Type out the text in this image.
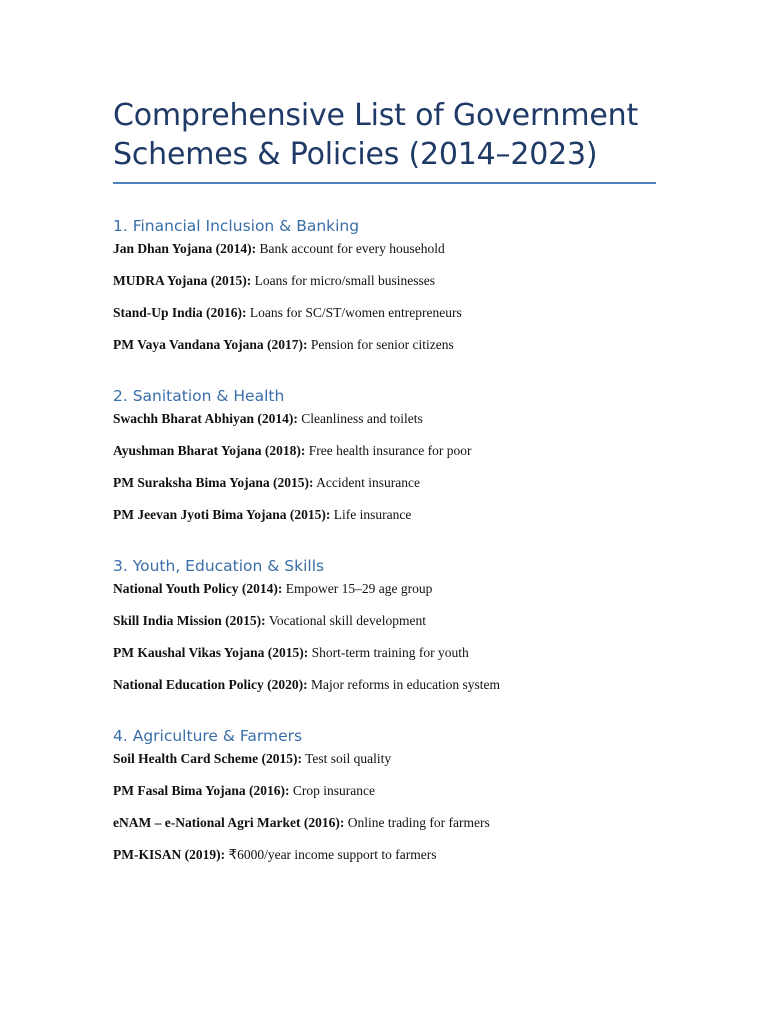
Comprehensive List of Government Schemes & Policies (2014–2023)
1. Financial Inclusion & Banking

Jan Dhan Yojana (2014): Bank account for every household

MUDRA Yojana (2015): Loans for micro/small businesses

Stand-Up India (2016): Loans for SC/ST/women entrepreneurs

PM Vaya Vandana Yojana (2017): Pension for senior citizens

2. Sanitation & Health

Swachh Bharat Abhiyan (2014): Cleanliness and toilets

Ayushman Bharat Yojana (2018): Free health insurance for poor

PM Suraksha Bima Yojana (2015): Accident insurance

PM Jeevan Jyoti Bima Yojana (2015): Life insurance

3. Youth, Education & Skills

National Youth Policy (2014): Empower 15–29 age group

Skill India Mission (2015): Vocational skill development

PM Kaushal Vikas Yojana (2015): Short-term training for youth

National Education Policy (2020): Major reforms in education system

4. Agriculture & Farmers

Soil Health Card Scheme (2015): Test soil quality

PM Fasal Bima Yojana (2016): Crop insurance

eNAM – e-National Agri Market (2016): Online trading for farmers

PM-KISAN (2019): ₹6000/year income support to farmers
